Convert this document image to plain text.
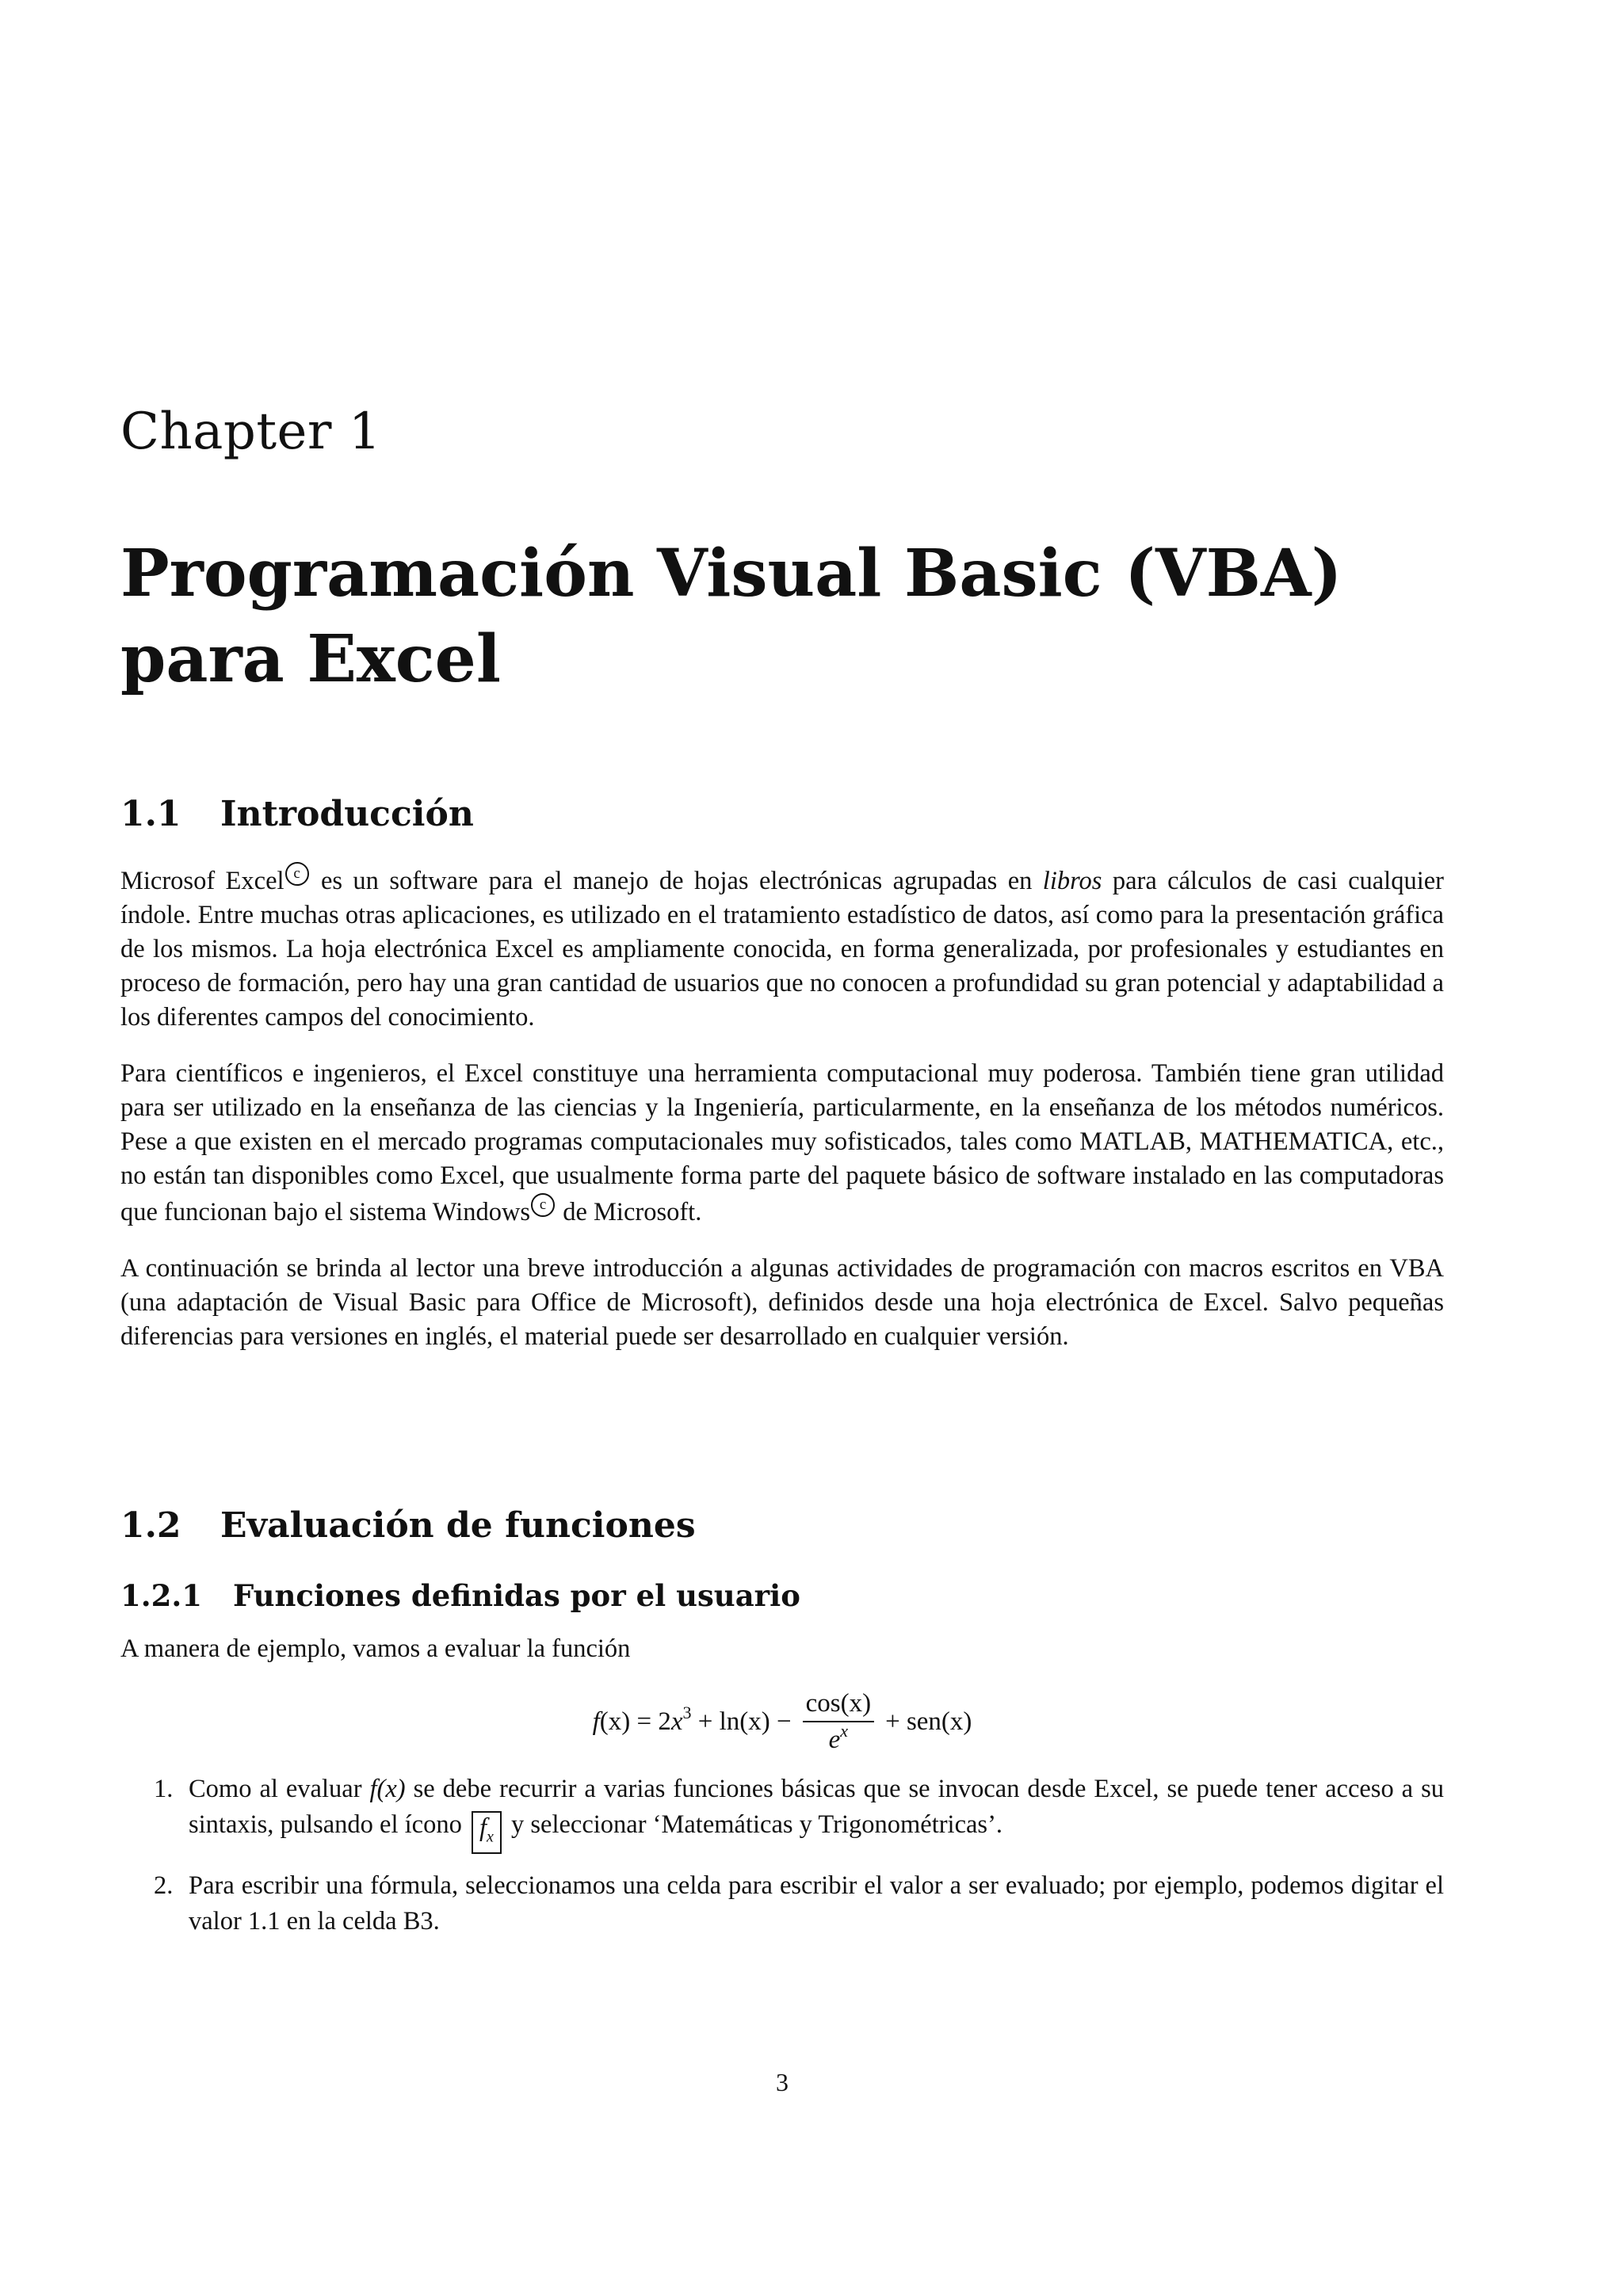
Chapter 1

Programación Visual Basic (VBA)
para Excel
1.1 Introducción

Microsof Excel c es un software para el manejo de hojas electrónicas agrupadas en libros para cálculos de casi cualquier índole. Entre muchas otras aplicaciones, es utilizado en el tratamiento estadístico de datos, así como para la presentación gráfica de los mismos. La hoja electrónica Excel es ampliamente conocida, en forma generalizada, por profesionales y estudiantes en proceso de formación, pero hay una gran cantidad de usuarios que no conocen a profundidad su gran potencial y adaptabilidad a los diferentes campos del conocimiento.

Para científicos e ingenieros, el Excel constituye una herramienta computacional muy poderosa. También tiene gran utilidad para ser utilizado en la enseñanza de las ciencias y la Ingeniería, particularmente, en la enseñanza de los métodos numéricos. Pese a que existen en el mercado programas computacionales muy sofisticados, tales como MATLAB, MATHEMATICA, etc., no están tan disponibles como Excel, que usualmente forma parte del paquete básico de software instalado en las computadoras que funcionan bajo el sistema Windows c de Microsoft.

A continuación se brinda al lector una breve introducción a algunas actividades de programación con macros escritos en VBA (una adaptación de Visual Basic para Office de Microsoft), definidos desde una hoja electrónica de Excel. Salvo pequeñas diferencias para versiones en inglés, el material puede ser desarrollado en cualquier versión.

1.2 Evaluación de funciones
1.2.1 Funciones definidas por el usuario

A manera de ejemplo, vamos a evaluar la función

$f(x) = 2x^3 + \ln(x) - \frac{\cos(x)}{e^x} + sen(x)$
1. Como al evaluar f(x) se debe recurrir a varias funciones básicas que se invocan desde Excel, se puede tener acceso a su sintaxis, pulsando el ícono $f_x$ y seleccionar ‘Matemáticas y Trigonométricas’.
2. Para escribir una fórmula, seleccionamos una celda para escribir el valor a ser evaluado; por ejemplo, podemos digitar el valor 1.1 en la celda B3.
3
